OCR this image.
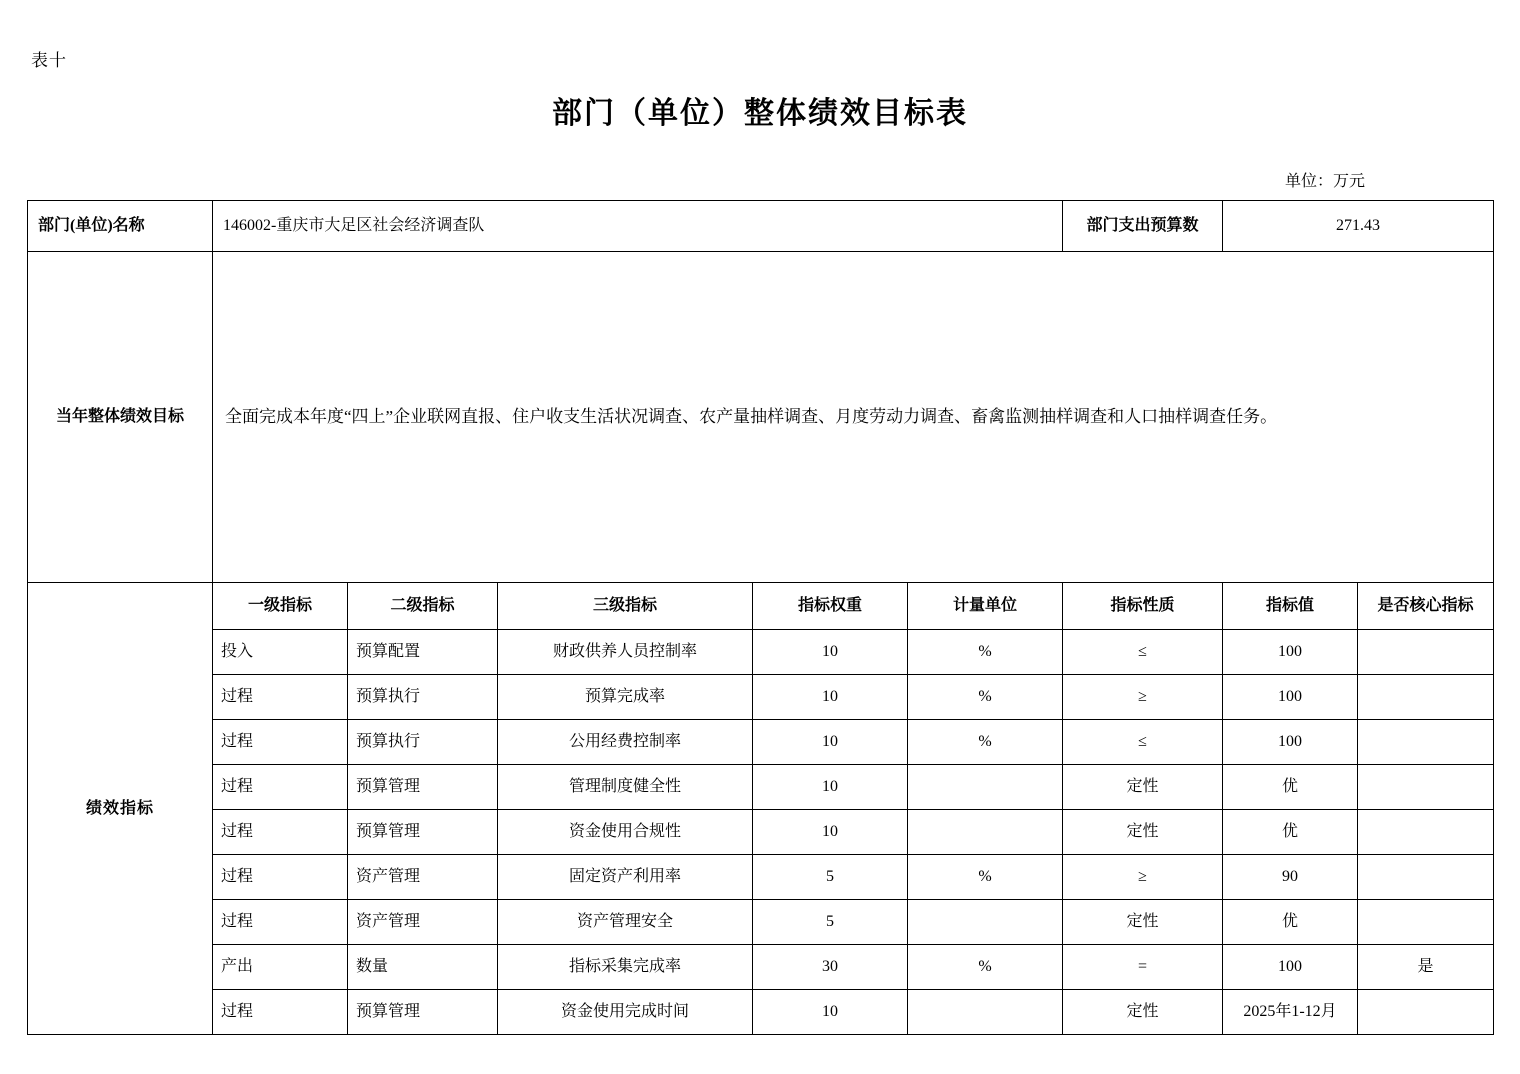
表十
部门（单位）整体绩效目标表
单位：万元
部门(单位)名称	146002-重庆市大足区社会经济调查队					部门支出预算数	271.43	
当年整体绩效目标	全面完成本年度“四上”企业联网直报、住户收支生活状况调查、农产量抽样调查、月度劳动力调查、畜禽监测抽样调查和人口抽样调查任务。							

绩效指标	一级指标	二级指标	三级指标	指标权重	计量单位	指标性质	指标值	是否核心指标
	投入	预算配置	财政供养人员控制率	10	%	≤	100	
	过程	预算执行	预算完成率	10	%	≥	100	
	过程	预算执行	公用经费控制率	10	%	≤	100	
	过程	预算管理	管理制度健全性	10		定性	优	
	过程	预算管理	资金使用合规性	10		定性	优	
	过程	资产管理	固定资产利用率	5	%	≥	90	
	过程	资产管理	资产管理安全	5		定性	优	
	产出	数量	指标采集完成率	30	%	=	100	是
	过程	预算管理	资金使用完成时间	10		定性	2025年1-12月	
